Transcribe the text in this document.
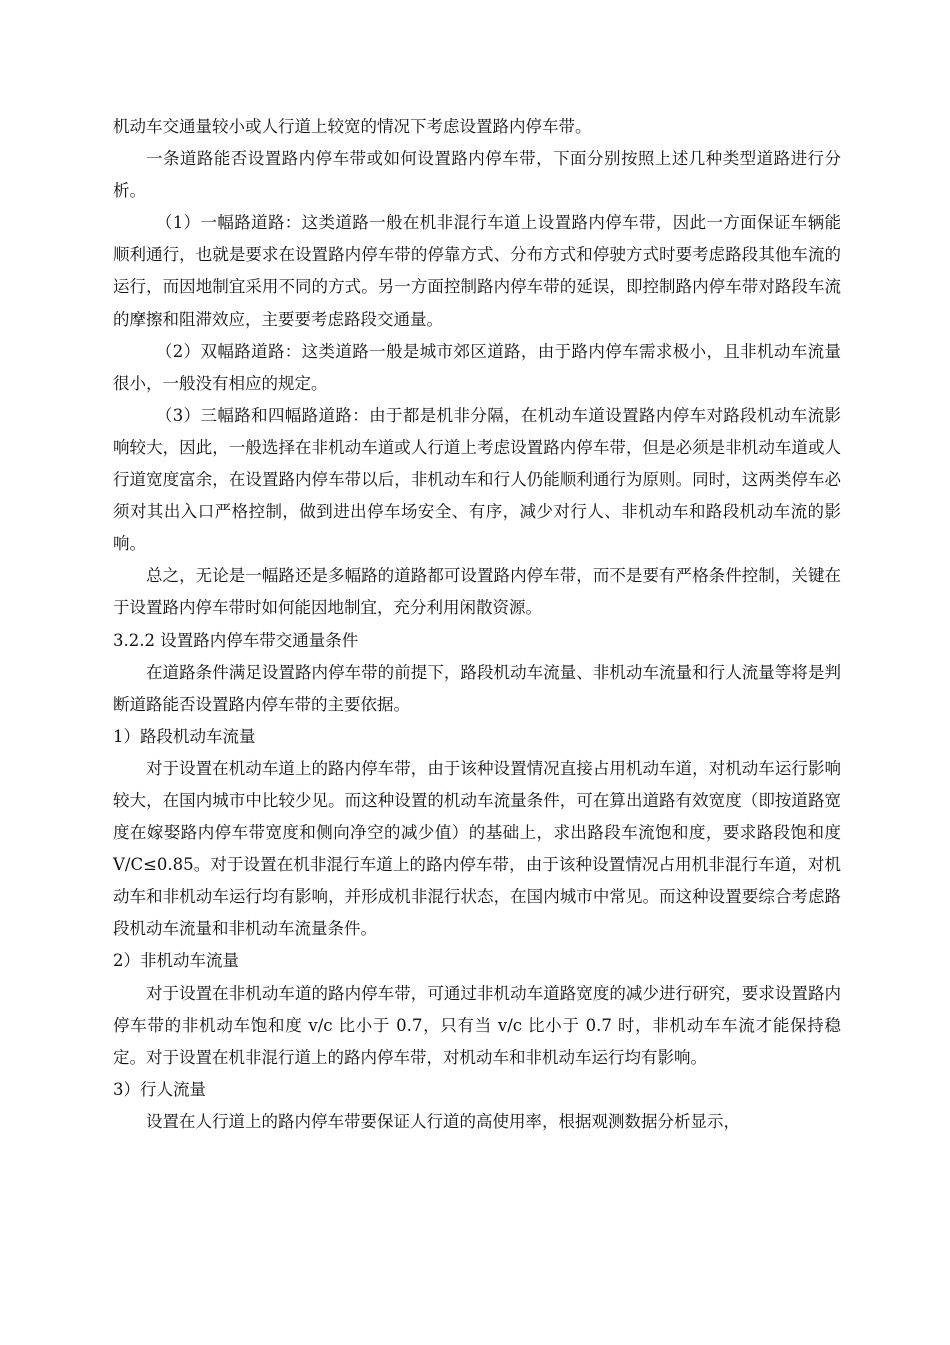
机动车交通量较小或人行道上较宽的情况下考虑设置路内停车带。

一条道路能否设置路内停车带或如何设置路内停车带，下面分别按照上述几种类型道路进行分析。

（1）一幅路道路：这类道路一般在机非混行车道上设置路内停车带，因此一方面保证车辆能顺利通行，也就是要求在设置路内停车带的停靠方式、分布方式和停驶方式时要考虑路段其他车流的运行，而因地制宜采用不同的方式。另一方面控制路内停车带的延误，即控制路内停车带对路段车流的摩擦和阻滞效应，主要要考虑路段交通量。

（2）双幅路道路：这类道路一般是城市郊区道路，由于路内停车需求极小，且非机动车流量很小，一般没有相应的规定。

（3）三幅路和四幅路道路：由于都是机非分隔，在机动车道设置路内停车对路段机动车流影响较大，因此，一般选择在非机动车道或人行道上考虑设置路内停车带，但是必须是非机动车道或人行道宽度富余，在设置路内停车带以后，非机动车和行人仍能顺利通行为原则。同时，这两类停车必须对其出入口严格控制，做到进出停车场安全、有序，减少对行人、非机动车和路段机动车流的影响。

总之，无论是一幅路还是多幅路的道路都可设置路内停车带，而不是要有严格条件控制，关键在于设置路内停车带时如何能因地制宜，充分利用闲散资源。

3.2.2 设置路内停车带交通量条件

在道路条件满足设置路内停车带的前提下，路段机动车流量、非机动车流量和行人流量等将是判断道路能否设置路内停车带的主要依据。

1）路段机动车流量

对于设置在机动车道上的路内停车带，由于该种设置情况直接占用机动车道，对机动车运行影响较大，在国内城市中比较少见。而这种设置的机动车流量条件，可在算出道路有效宽度（即按道路宽度在嫁娶路内停车带宽度和侧向净空的减少值）的基础上，求出路段车流饱和度，要求路段饱和度 V/C≤0.85。对于设置在机非混行车道上的路内停车带，由于该种设置情况占用机非混行车道，对机动车和非机动车运行均有影响，并形成机非混行状态，在国内城市中常见。而这种设置要综合考虑路段机动车流量和非机动车流量条件。

2）非机动车流量

对于设置在非机动车道的路内停车带，可通过非机动车道路宽度的减少进行研究，要求设置路内停车带的非机动车饱和度 v/c 比小于 0.7，只有当 v/c 比小于 0.7 时，非机动车车流才能保持稳定。对于设置在机非混行道上的路内停车带，对机动车和非机动车运行均有影响。

3）行人流量

设置在人行道上的路内停车带要保证人行道的高使用率，根据观测数据分析显示，
